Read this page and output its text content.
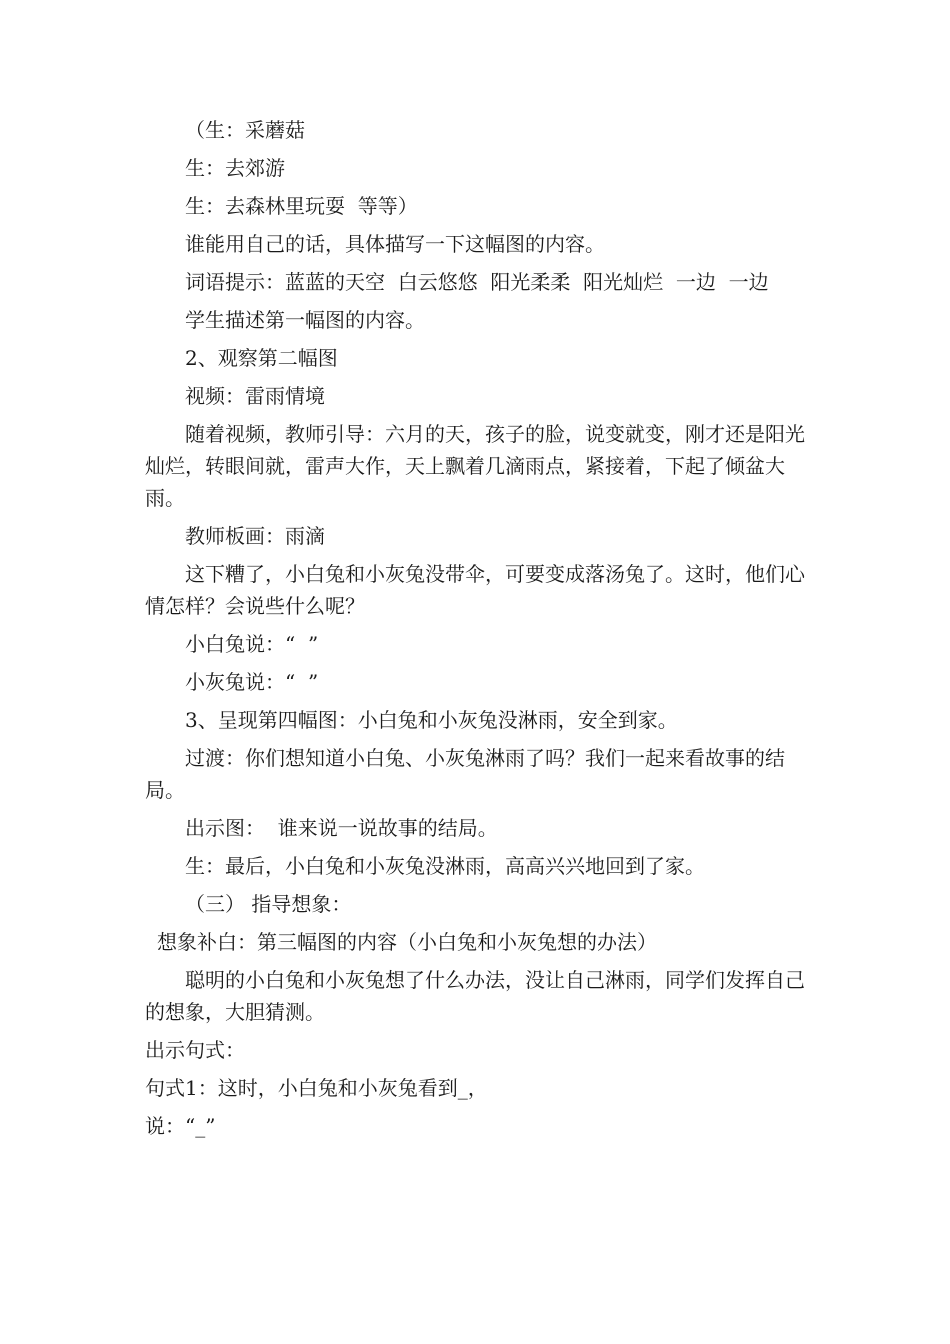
（生：采蘑菇

生：去郊游

生：去森林里玩耍  等等）

谁能用自己的话，具体描写一下这幅图的内容。

词语提示：蓝蓝的天空  白云悠悠  阳光柔柔  阳光灿烂  一边  一边

学生描述第一幅图的内容。

2、观察第二幅图

视频：雷雨情境

随着视频，教师引导：六月的天，孩子的脸，说变就变，刚才还是阳光灿烂，转眼间就，雷声大作，天上飘着几滴雨点，紧接着，下起了倾盆大雨。

教师板画：雨滴

这下糟了，小白兔和小灰兔没带伞，可要变成落汤兔了。这时，他们心情怎样？会说些什么呢？

小白兔说：“  ”

小灰兔说：“  ”

3、呈现第四幅图：小白兔和小灰兔没淋雨，安全到家。

过渡：你们想知道小白兔、小灰兔淋雨了吗？我们一起来看故事的结局。

出示图：  谁来说一说故事的结局。

生：最后，小白兔和小灰兔没淋雨，高高兴兴地回到了家。

（三） 指导想象：

想象补白：第三幅图的内容（小白兔和小灰兔想的办法）

聪明的小白兔和小灰兔想了什么办法，没让自己淋雨，同学们发挥自己的想象，大胆猜测。

出示句式：

句式1：这时，小白兔和小灰兔看到_，

说：“_”
